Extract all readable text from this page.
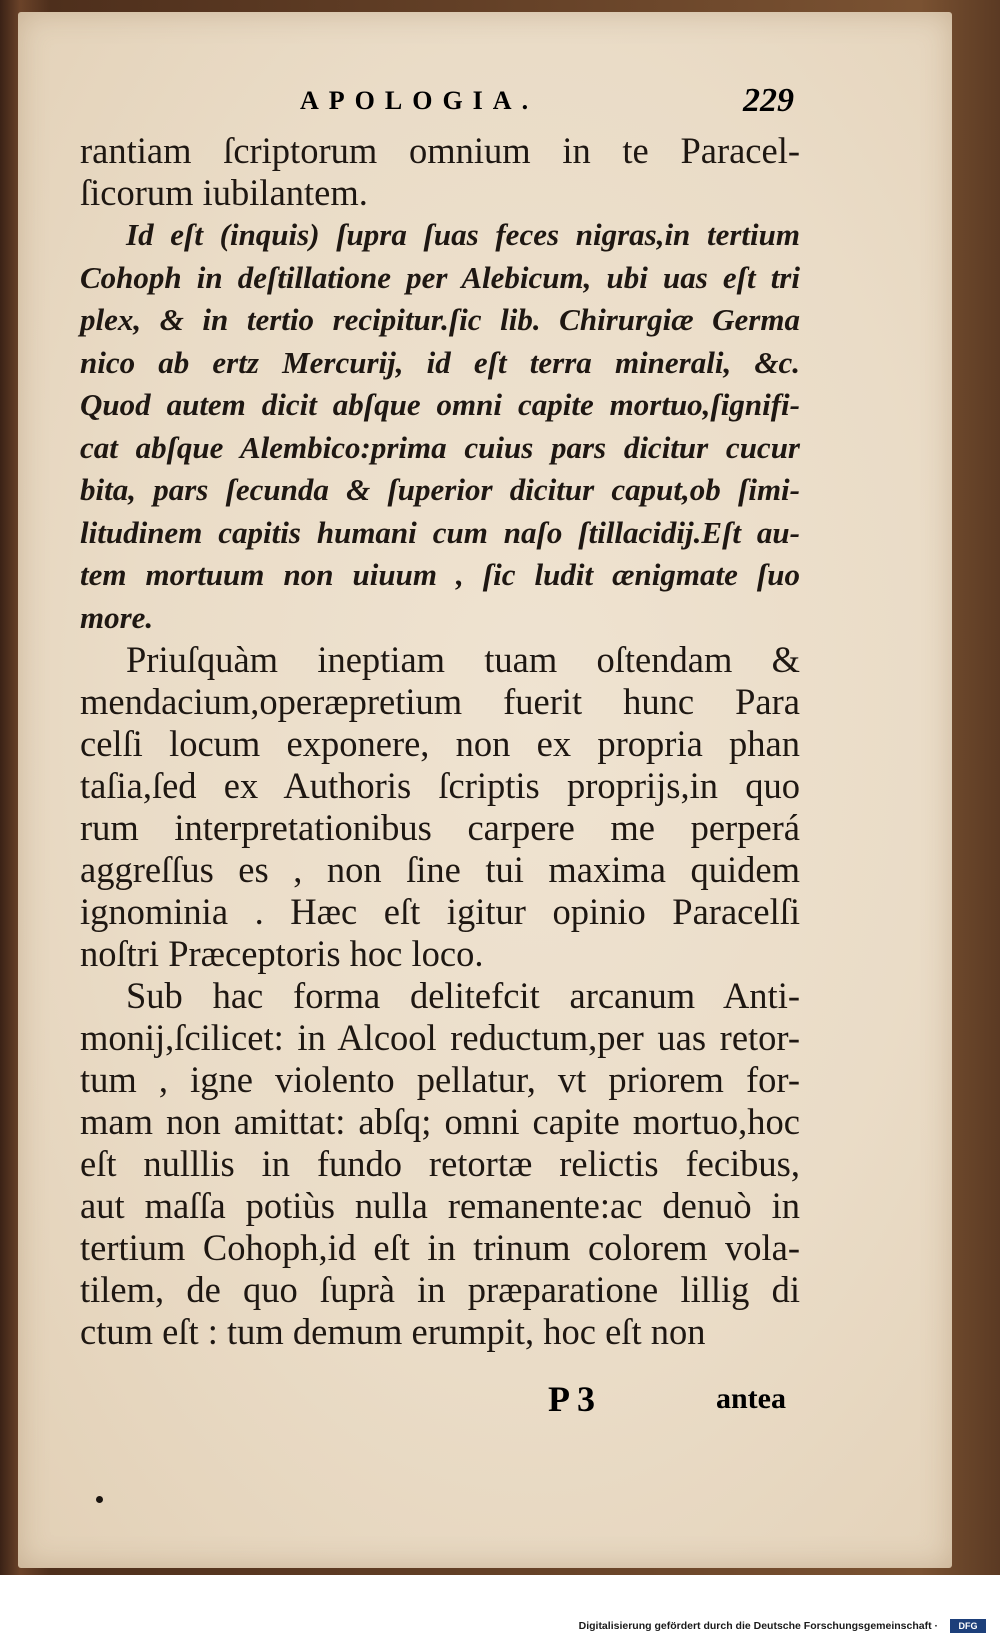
APOLOGIA.	229
rantiam ſcriptorum omnium in te Paracel-
ſicorum iubilantem.
Id eſt (inquis) ſupra ſuas feces nigras,in tertium
Cohoph in deſtillatione per Alebicum, ubi uas eſt tri
plex, & in tertio recipitur.ſic lib. Chirurgiæ Germa
nico ab ertz Mercurij, id eſt terra minerali, &c.
Quod autem dicit abſque omni capite mortuo,ſignifi-
cat abſque Alembico:prima cuius pars dicitur cucur
bita, pars ſecunda & ſuperior dicitur caput,ob ſimi-
litudinem capitis humani cum naſo ſtillacidij.Eſt au-
tem mortuum non uiuum , ſic ludit ænigmate ſuo
more.
Priuſquàm ineptiam tuam oſtendam &
mendacium,operæpretium fuerit hunc Para
celſi locum exponere, non ex propria phan
taſia,ſed ex Authoris ſcriptis proprijs,in quo
rum interpretationibus carpere me perperá
aggreſſus es , non ſine tui maxima quidem
ignominia . Hæc eſt igitur opinio Paracelſi
noſtri Præceptoris hoc loco.
Sub hac forma delitefcit arcanum Anti-
monij,ſcilicet: in Alcool reductum,per uas retor-
tum , igne violento pellatur, vt priorem for-
mam non amittat: abſq; omni capite mortuo,hoc
eſt nulllis in fundo retortæ relictis fecibus,
aut maſſa potiùs nulla remanente:ac denuò in
tertium Cohoph,id eſt in trinum colorem vola-
tilem, de quo ſuprà in præparatione lillig di
ctum eſt : tum demum erumpit, hoc eſt non
P 3	antea
Digitalisierung gefördert durch die Deutsche Forschungsgemeinschaft ·	DFG
